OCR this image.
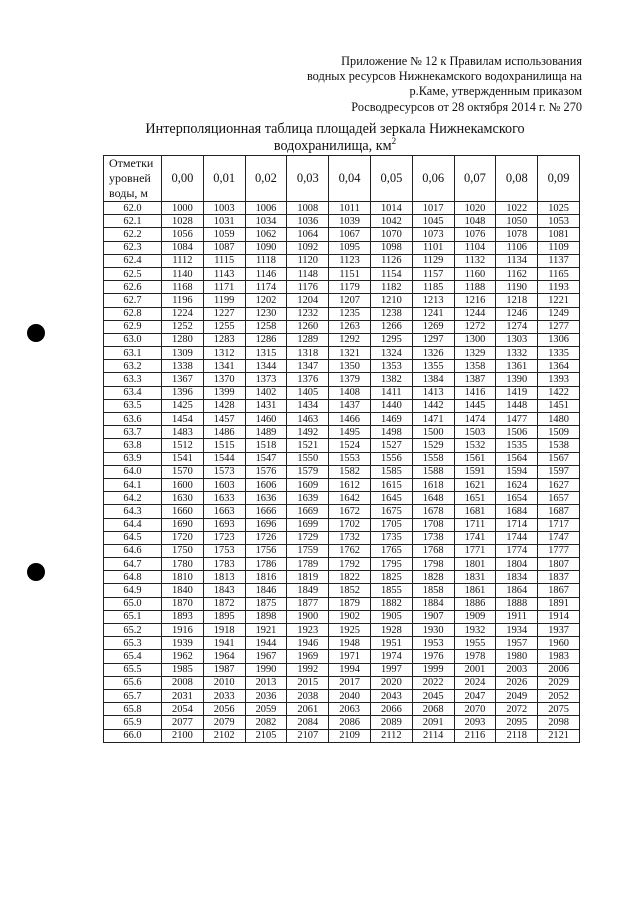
Приложение № 12 к Правилам использования
водных ресурсов Нижнекамского водохранилища на
р.Каме, утвержденным приказом
Росводресурсов от 28 октября 2014 г. № 270
Интерполяционная таблица площадей зеркала Нижнекамского
водохранилища, $км^2$
Отметки
уровней
воды, м	0,00	0,01	0,02	0,03	0,04	0,05	0,06	0,07	0,08	0,09
62.0	1000	1003	1006	1008	1011	1014	1017	1020	1022	1025
62.1	1028	1031	1034	1036	1039	1042	1045	1048	1050	1053
62.2	1056	1059	1062	1064	1067	1070	1073	1076	1078	1081
62.3	1084	1087	1090	1092	1095	1098	1101	1104	1106	1109
62.4	1112	1115	1118	1120	1123	1126	1129	1132	1134	1137
62.5	1140	1143	1146	1148	1151	1154	1157	1160	1162	1165
62.6	1168	1171	1174	1176	1179	1182	1185	1188	1190	1193
62.7	1196	1199	1202	1204	1207	1210	1213	1216	1218	1221
62.8	1224	1227	1230	1232	1235	1238	1241	1244	1246	1249
62.9	1252	1255	1258	1260	1263	1266	1269	1272	1274	1277
63.0	1280	1283	1286	1289	1292	1295	1297	1300	1303	1306
63.1	1309	1312	1315	1318	1321	1324	1326	1329	1332	1335
63.2	1338	1341	1344	1347	1350	1353	1355	1358	1361	1364
63.3	1367	1370	1373	1376	1379	1382	1384	1387	1390	1393
63.4	1396	1399	1402	1405	1408	1411	1413	1416	1419	1422
63.5	1425	1428	1431	1434	1437	1440	1442	1445	1448	1451
63.6	1454	1457	1460	1463	1466	1469	1471	1474	1477	1480
63.7	1483	1486	1489	1492	1495	1498	1500	1503	1506	1509
63.8	1512	1515	1518	1521	1524	1527	1529	1532	1535	1538
63.9	1541	1544	1547	1550	1553	1556	1558	1561	1564	1567
64.0	1570	1573	1576	1579	1582	1585	1588	1591	1594	1597
64.1	1600	1603	1606	1609	1612	1615	1618	1621	1624	1627
64.2	1630	1633	1636	1639	1642	1645	1648	1651	1654	1657
64.3	1660	1663	1666	1669	1672	1675	1678	1681	1684	1687
64.4	1690	1693	1696	1699	1702	1705	1708	1711	1714	1717
64.5	1720	1723	1726	1729	1732	1735	1738	1741	1744	1747
64.6	1750	1753	1756	1759	1762	1765	1768	1771	1774	1777
64.7	1780	1783	1786	1789	1792	1795	1798	1801	1804	1807
64.8	1810	1813	1816	1819	1822	1825	1828	1831	1834	1837
64.9	1840	1843	1846	1849	1852	1855	1858	1861	1864	1867
65.0	1870	1872	1875	1877	1879	1882	1884	1886	1888	1891
65.1	1893	1895	1898	1900	1902	1905	1907	1909	1911	1914
65.2	1916	1918	1921	1923	1925	1928	1930	1932	1934	1937
65.3	1939	1941	1944	1946	1948	1951	1953	1955	1957	1960
65.4	1962	1964	1967	1969	1971	1974	1976	1978	1980	1983
65.5	1985	1987	1990	1992	1994	1997	1999	2001	2003	2006
65.6	2008	2010	2013	2015	2017	2020	2022	2024	2026	2029
65.7	2031	2033	2036	2038	2040	2043	2045	2047	2049	2052
65.8	2054	2056	2059	2061	2063	2066	2068	2070	2072	2075
65.9	2077	2079	2082	2084	2086	2089	2091	2093	2095	2098
66.0	2100	2102	2105	2107	2109	2112	2114	2116	2118	2121
